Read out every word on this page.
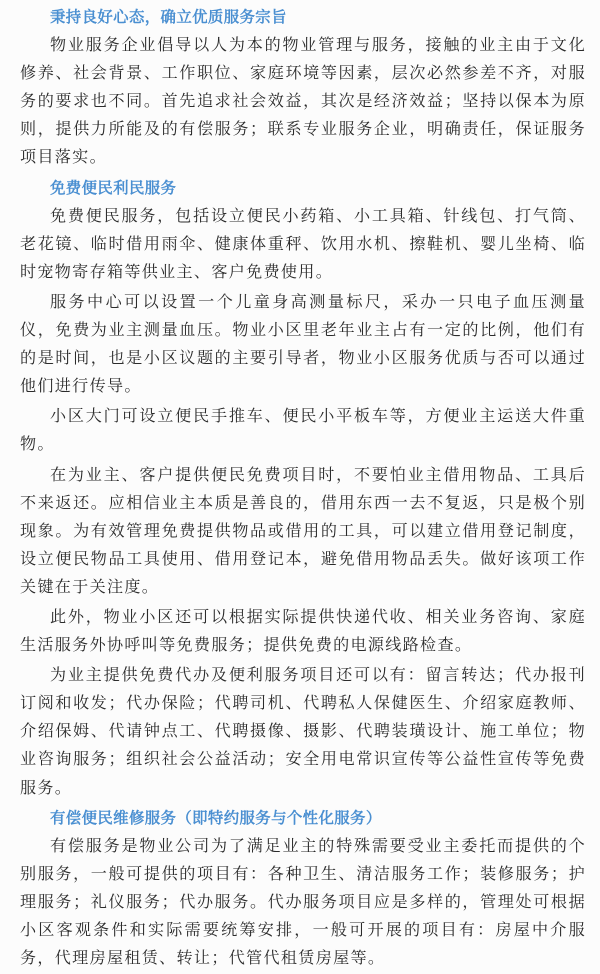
秉持良好心态，确立优质服务宗旨

物业服务企业倡导以人为本的物业管理与服务，接触的业主由于文化修养、社会背景、工作职位、家庭环境等因素，层次必然参差不齐，对服务的要求也不同。首先追求社会效益，其次是经济效益；坚持以保本为原则，提供力所能及的有偿服务；联系专业服务企业，明确责任，保证服务项目落实。

免费便民利民服务

免费便民服务，包括设立便民小药箱、小工具箱、针线包、打气筒、老花镜、临时借用雨伞、健康体重秤、饮用水机、擦鞋机、婴儿坐椅、临时宠物寄存箱等供业主、客户免费使用。

服务中心可以设置一个儿童身高测量标尺，采办一只电子血压测量仪，免费为业主测量血压。物业小区里老年业主占有一定的比例，他们有的是时间，也是小区议题的主要引导者，物业小区服务优质与否可以通过他们进行传导。

小区大门可设立便民手推车、便民小平板车等，方便业主运送大件重物。

在为业主、客户提供便民免费项目时，不要怕业主借用物品、工具后不来返还。应相信业主本质是善良的，借用东西一去不复返，只是极个别现象。为有效管理免费提供物品或借用的工具，可以建立借用登记制度，设立便民物品工具使用、借用登记本，避免借用物品丢失。做好该项工作关键在于关注度。

此外，物业小区还可以根据实际提供快递代收、相关业务咨询、家庭生活服务外协呼叫等免费服务；提供免费的电源线路检查。

为业主提供免费代办及便利服务项目还可以有：留言转达；代办报刊订阅和收发；代办保险；代聘司机、代聘私人保健医生、介绍家庭教师、介绍保姆、代请钟点工、代聘摄像、摄影、代聘装璜设计、施工单位；物业咨询服务；组织社会公益活动；安全用电常识宣传等公益性宣传等免费服务。

有偿便民维修服务（即特约服务与个性化服务）

有偿服务是物业公司为了满足业主的特殊需要受业主委托而提供的个别服务，一般可提供的项目有：各种卫生、清洁服务工作；装修服务；护理服务；礼仪服务；代办服务。代办服务项目应是多样的，管理处可根据小区客观条件和实际需要统筹安排，一般可开展的项目有：房屋中介服务，代理房屋租赁、转让；代管代租赁房屋等。
